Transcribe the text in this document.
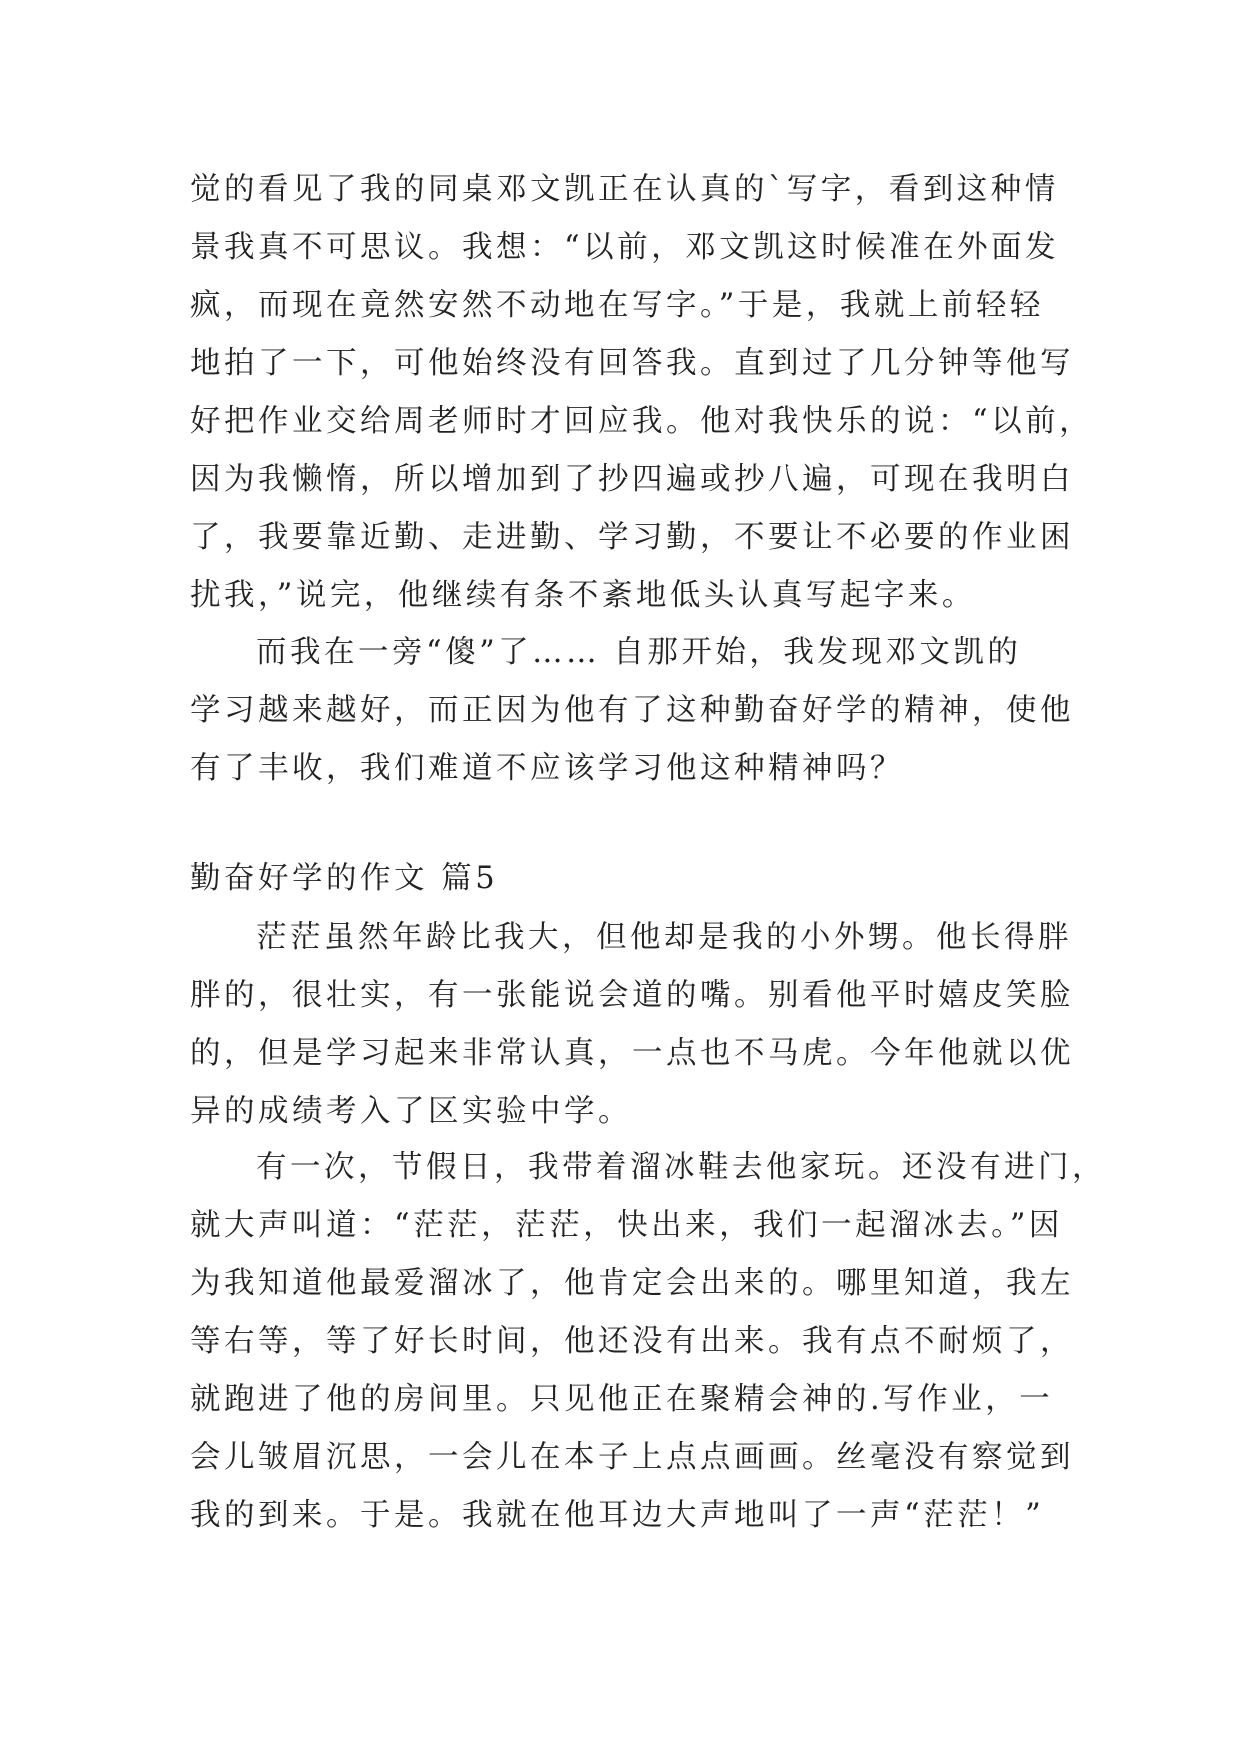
觉的看见了我的同桌邓文凯正在认真的`写字，看到这种情
景我真不可思议。我想：“以前，邓文凯这时候准在外面发
疯，而现在竟然安然不动地在写字。”于是，我就上前轻轻
地拍了一下，可他始终没有回答我。直到过了几分钟等他写
好把作业交给周老师时才回应我。他对我快乐的说：“以前，
因为我懒惰，所以增加到了抄四遍或抄八遍，可现在我明白
了，我要靠近勤、走进勤、学习勤，不要让不必要的作业困
扰我，”说完，他继续有条不紊地低头认真写起字来。
而我在一旁“傻”了…… 自那开始，我发现邓文凯的
学习越来越好，而正因为他有了这种勤奋好学的精神，使他
有了丰收，我们难道不应该学习他这种精神吗？
勤奋好学的作文 篇5
茫茫虽然年龄比我大，但他却是我的小外甥。他长得胖
胖的，很壮实，有一张能说会道的嘴。别看他平时嬉皮笑脸
的，但是学习起来非常认真，一点也不马虎。今年他就以优
异的成绩考入了区实验中学。
有一次，节假日，我带着溜冰鞋去他家玩。还没有进门，
就大声叫道：“茫茫，茫茫，快出来，我们一起溜冰去。”因
为我知道他最爱溜冰了，他肯定会出来的。哪里知道，我左
等右等，等了好长时间，他还没有出来。我有点不耐烦了，
就跑进了他的房间里。只见他正在聚精会神的.写作业，一
会儿皱眉沉思，一会儿在本子上点点画画。丝毫没有察觉到
我的到来。于是。我就在他耳边大声地叫了一声“茫茫！”
